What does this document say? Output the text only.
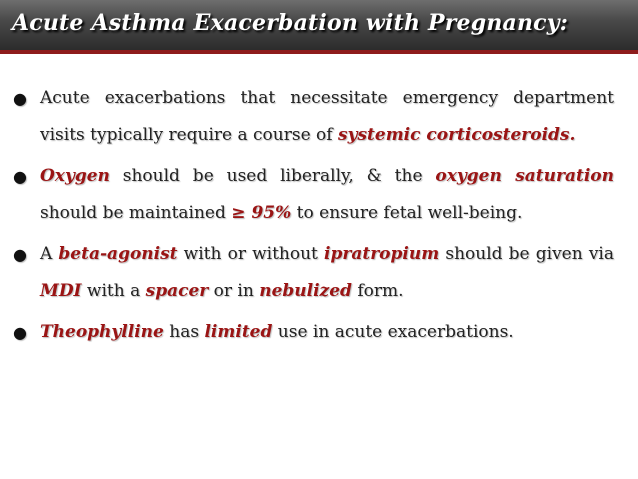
Acute Asthma Exacerbation with Pregnancy:
● Acute exacerbations that necessitate emergency department visits typically require a course of systemic corticosteroids.
● Oxygen should be used liberally, & the oxygen saturation should be maintained ≥ 95% to ensure fetal well-being.
● A beta-agonist with or without ipratropium should be given via MDI with a spacer or in nebulized form.
● Theophylline has limited use in acute exacerbations.
